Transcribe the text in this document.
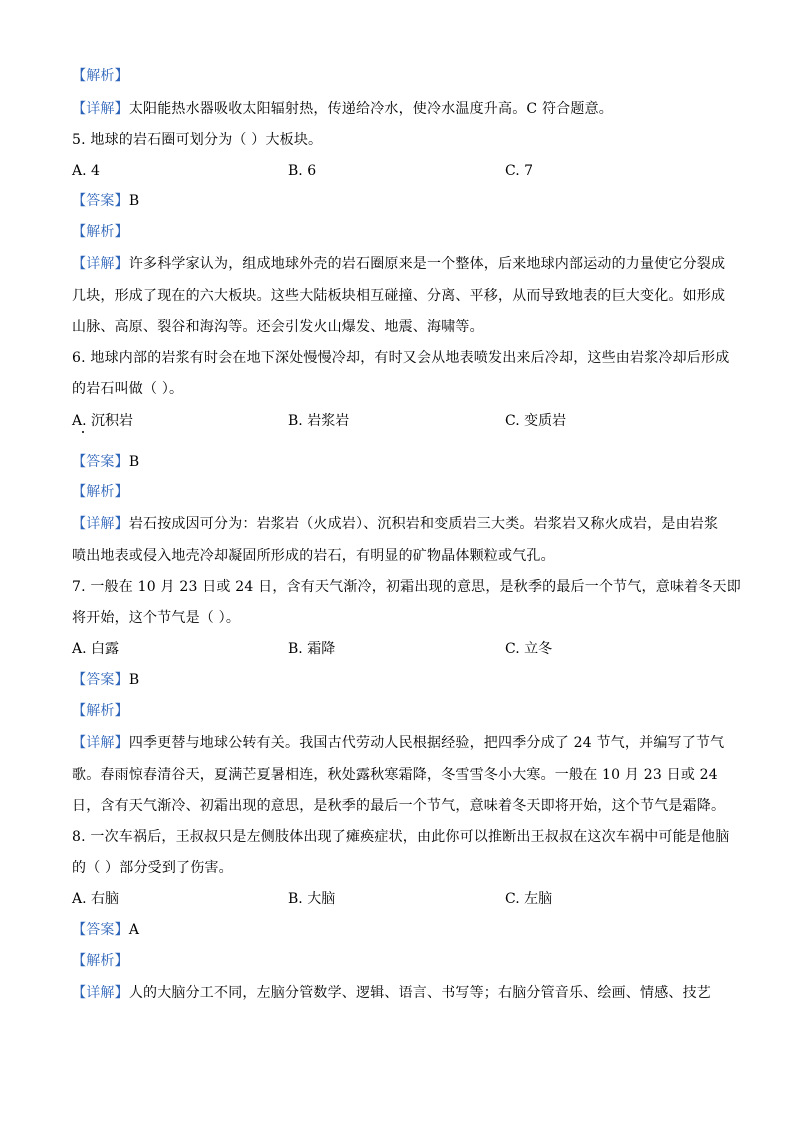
【解析】
【详解】太阳能热水器吸收太阳辐射热，传递给冷水，使冷水温度升高。C 符合题意。
5. 地球的岩石圈可划分为（ ）大板块。
A. 4	B. 6	C. 7
【答案】B
【解析】
【详解】许多科学家认为，组成地球外壳的岩石圈原来是一个整体，后来地球内部运动的力量使它分裂成
几块，形成了现在的六大板块。这些大陆板块相互碰撞、分离、平移，从而导致地表的巨大变化。如形成
山脉、高原、裂谷和海沟等。还会引发火山爆发、地震、海啸等。
6. 地球内部的岩浆有时会在地下深处慢慢冷却，有时又会从地表喷发出来后冷却，这些由岩浆冷却后形成
的岩石叫做（ ）。
A. 沉积岩	B. 岩浆岩	C. 变质岩
【答案】B
【解析】
【详解】岩石按成因可分为：岩浆岩（火成岩）、沉积岩和变质岩三大类。岩浆岩又称火成岩，是由岩浆
喷出地表或侵入地壳冷却凝固所形成的岩石，有明显的矿物晶体颗粒或气孔。
7. 一般在 10 月 23 日或 24 日，含有天气渐冷，初霜出现的意思，是秋季的最后一个节气，意味着冬天即
将开始，这个节气是（ ）。
A. 白露	B. 霜降	C. 立冬
【答案】B
【解析】
【详解】四季更替与地球公转有关。我国古代劳动人民根据经验，把四季分成了 24 节气，并编写了节气
歌。春雨惊春清谷天，夏满芒夏暑相连，秋处露秋寒霜降，冬雪雪冬小大寒。一般在 10 月 23 日或 24
日，含有天气渐冷、初霜出现的意思，是秋季的最后一个节气，意味着冬天即将开始，这个节气是霜降。
8. 一次车祸后，王叔叔只是左侧肢体出现了瘫痪症状，由此你可以推断出王叔叔在这次车祸中可能是他脑
的（ ）部分受到了伤害。
A. 右脑	B. 大脑	C. 左脑
【答案】A
【解析】
【详解】人的大脑分工不同，左脑分管数学、逻辑、语言、书写等；右脑分管音乐、绘画、情感、技艺
